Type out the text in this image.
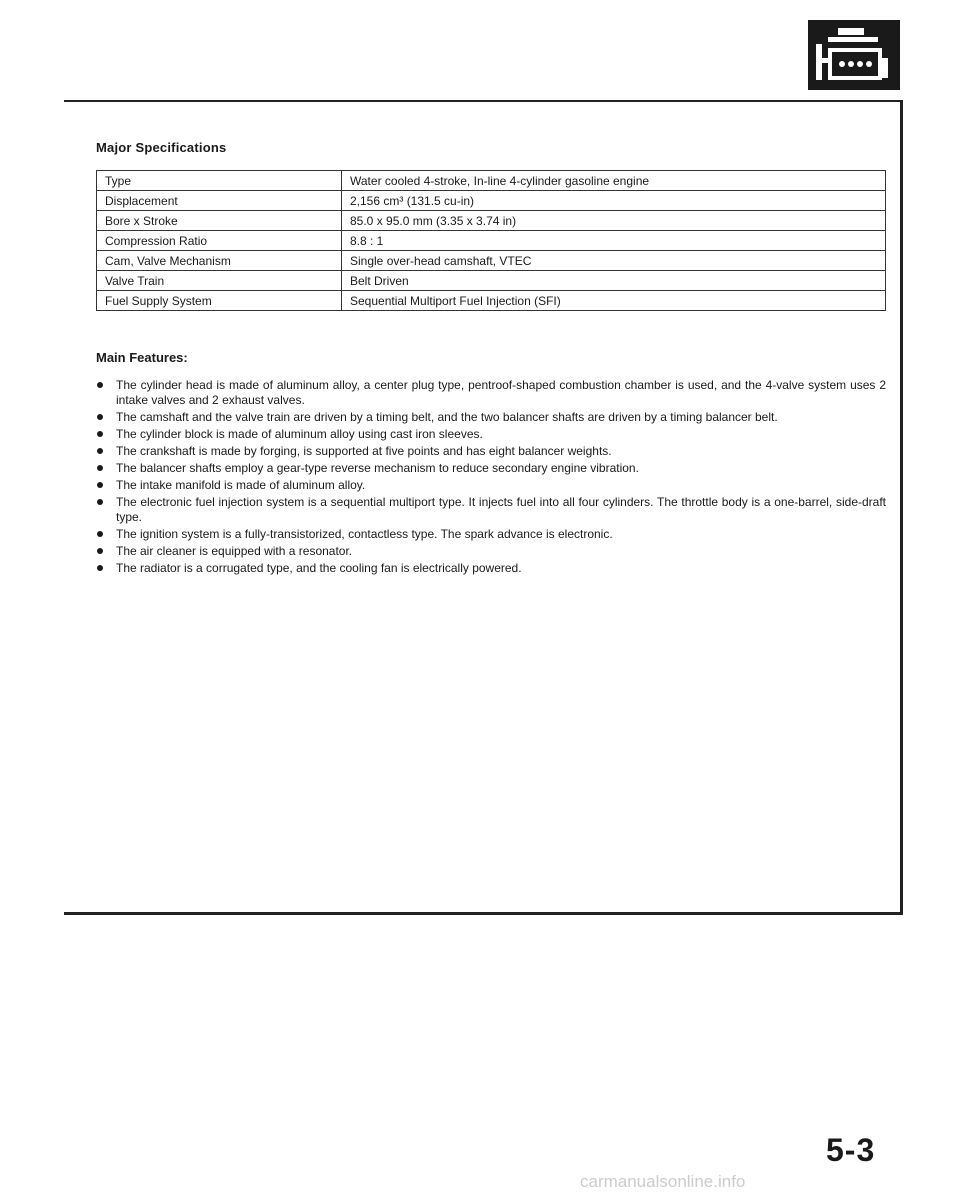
Major Specifications
Type	Water cooled 4-stroke, In-line 4-cylinder gasoline engine
Displacement	2,156 cm³ (131.5 cu-in)
Bore x Stroke	85.0 x 95.0 mm (3.35 x 3.74 in)
Compression Ratio	8.8 : 1
Cam, Valve Mechanism	Single over-head camshaft, VTEC
Valve Train	Belt Driven
Fuel Supply System	Sequential Multiport Fuel Injection (SFI)
Main Features:
The cylinder head is made of aluminum alloy, a center plug type, pentroof-shaped combustion chamber is used, and the 4-valve system uses 2 intake valves and 2 exhaust valves.
The camshaft and the valve train are driven by a timing belt, and the two balancer shafts are driven by a timing balancer belt.
The cylinder block is made of aluminum alloy using cast iron sleeves.
The crankshaft is made by forging, is supported at five points and has eight balancer weights.
The balancer shafts employ a gear-type reverse mechanism to reduce secondary engine vibration.
The intake manifold is made of aluminum alloy.
The electronic fuel injection system is a sequential multiport type. It injects fuel into all four cylinders. The throttle body is a one-barrel, side-draft type.
The ignition system is a fully-transistorized, contactless type. The spark advance is electronic.
The air cleaner is equipped with a resonator.
The radiator is a corrugated type, and the cooling fan is electrically powered.
5-3
carmanualsonline.info
